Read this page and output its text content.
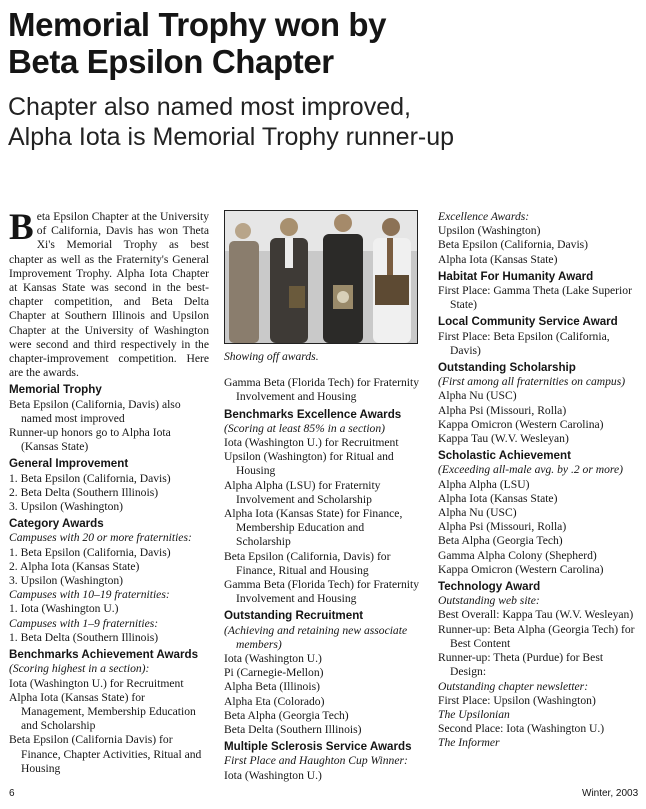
Memorial Trophy won by
Beta Epsilon Chapter
Chapter also named most improved,
Alpha Iota is Memorial Trophy runner-up

Beta Epsilon Chapter at the University of California, Davis has won Theta Xi's Memorial Trophy as best chapter as well as the Fraternity's General Improvement Trophy. Alpha Iota Chapter at Kansas State was second in the best-chapter competition, and Beta Delta Chapter at Southern Illinois and Upsilon Chapter at the University of Washington were second and third respectively in the chapter-improvement competition. Here are the awards.

Memorial Trophy

Beta Epsilon (California, Davis) also named most improved

Runner-up honors go to Alpha Iota (Kansas State)

General Improvement

1. Beta Epsilon (California, Davis)

2. Beta Delta (Southern Illinois)

3. Upsilon (Washington)

Category Awards

Campuses with 20 or more fraternities:

1. Beta Epsilon (California, Davis)

2. Alpha Iota (Kansas State)

3. Upsilon (Washington)

Campuses with 10–19 fraternities:

1. Iota (Washington U.)

Campuses with 1–9 fraternities:

1. Beta Delta (Southern Illinois)

Benchmarks Achievement Awards

(Scoring highest in a section):

Iota (Washington U.) for Recruitment

Alpha Iota (Kansas State) for Management, Membership Education and Scholarship

Beta Epsilon (California Davis) for Finance, Chapter Activities, Ritual and Housing

Showing off awards.

Gamma Beta (Florida Tech) for Fraternity Involvement and Housing

Benchmarks Excellence Awards

(Scoring at least 85% in a section)

Iota (Washington U.) for Recruitment

Upsilon (Washington) for Ritual and Housing

Alpha Alpha (LSU) for Fraternity Involvement and Scholarship

Alpha Iota (Kansas State) for Finance, Membership Education and Scholarship

Beta Epsilon (California, Davis) for Finance, Ritual and Housing

Gamma Beta (Florida Tech) for Fraternity Involvement and Housing

Outstanding Recruitment

(Achieving and retaining new associate members)

Iota (Washington U.)

Pi (Carnegie-Mellon)

Alpha Beta (Illinois)

Alpha Eta (Colorado)

Beta Alpha (Georgia Tech)

Beta Delta (Southern Illinois)

Multiple Sclerosis Service Awards

First Place and Haughton Cup Winner:

Iota (Washington U.)

Excellence Awards:

Upsilon (Washington)

Beta Epsilon (California, Davis)

Alpha Iota (Kansas State)

Habitat For Humanity Award

First Place: Gamma Theta (Lake Superior State)

Local Community Service Award

First Place: Beta Epsilon (California, Davis)

Outstanding Scholarship

(First among all fraternities on campus)

Alpha Nu (USC)

Alpha Psi (Missouri, Rolla)

Kappa Omicron (Western Carolina)

Kappa Tau (W.V. Wesleyan)

Scholastic Achievement

(Exceeding all-male avg. by .2 or more)

Alpha Alpha (LSU)

Alpha Iota (Kansas State)

Alpha Nu (USC)

Alpha Psi (Missouri, Rolla)

Beta Alpha (Georgia Tech)

Gamma Alpha Colony (Shepherd)

Kappa Omicron (Western Carolina)

Technology Award

Outstanding web site:

Best Overall: Kappa Tau (W.V. Wesleyan)

Runner-up: Beta Alpha (Georgia Tech) for Best Content

Runner-up: Theta (Purdue) for Best Design:

Outstanding chapter newsletter:

First Place: Upsilon (Washington)

The Upsilonian

Second Place: Iota (Washington U.)

The Informer

6	Winter, 2003
